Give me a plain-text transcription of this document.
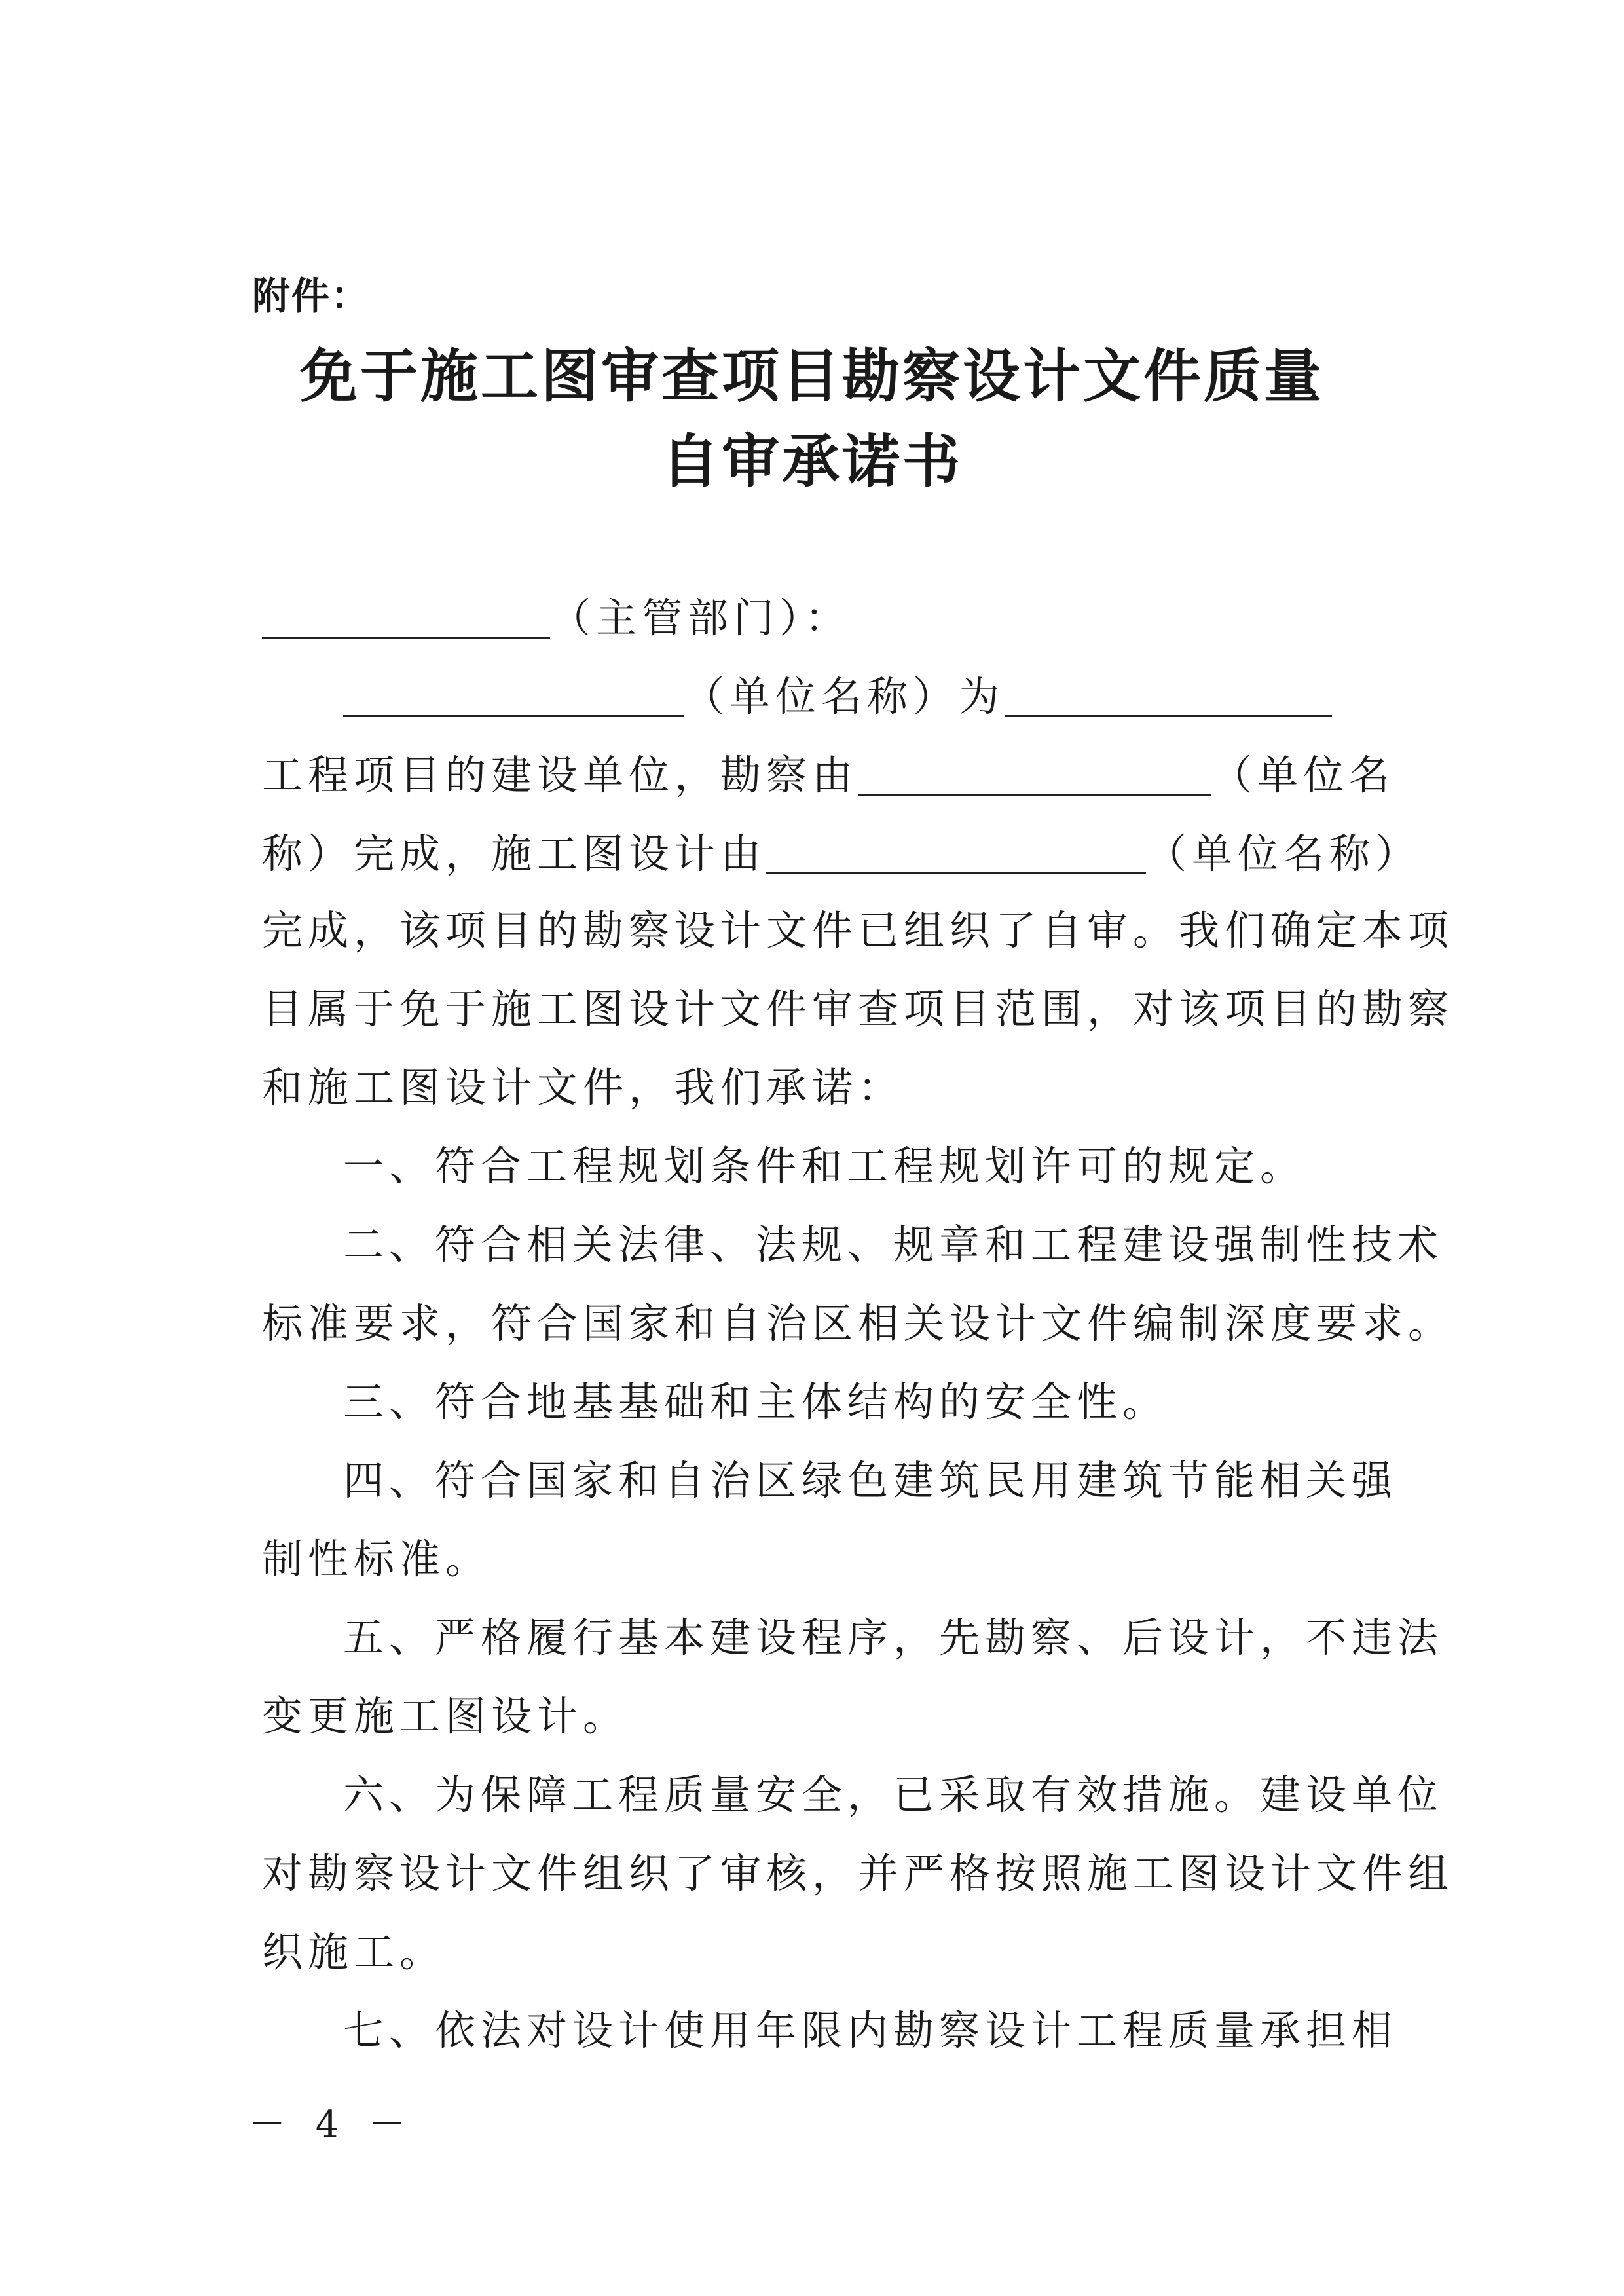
附件：
免于施工图审查项目勘察设计文件质量
自审承诺书
（主管部门）：
（单位名称）为
工程项目的建设单位，勘察由	（单位名
称）完成，施工图设计由	（单位名称）
完成，该项目的勘察设计文件已组织了自审。我们确定本项
目属于免于施工图设计文件审查项目范围，对该项目的勘察
和施工图设计文件，我们承诺：
一、符合工程规划条件和工程规划许可的规定。
二、符合相关法律、法规、规章和工程建设强制性技术
标准要求，符合国家和自治区相关设计文件编制深度要求。
三、符合地基基础和主体结构的安全性。
四、符合国家和自治区绿色建筑民用建筑节能相关强
制性标准。
五、严格履行基本建设程序，先勘察、后设计，不违法
变更施工图设计。
六、为保障工程质量安全，已采取有效措施。建设单位
对勘察设计文件组织了审核，并严格按照施工图设计文件组
织施工。
七、依法对设计使用年限内勘察设计工程质量承担相
－ 4 －
